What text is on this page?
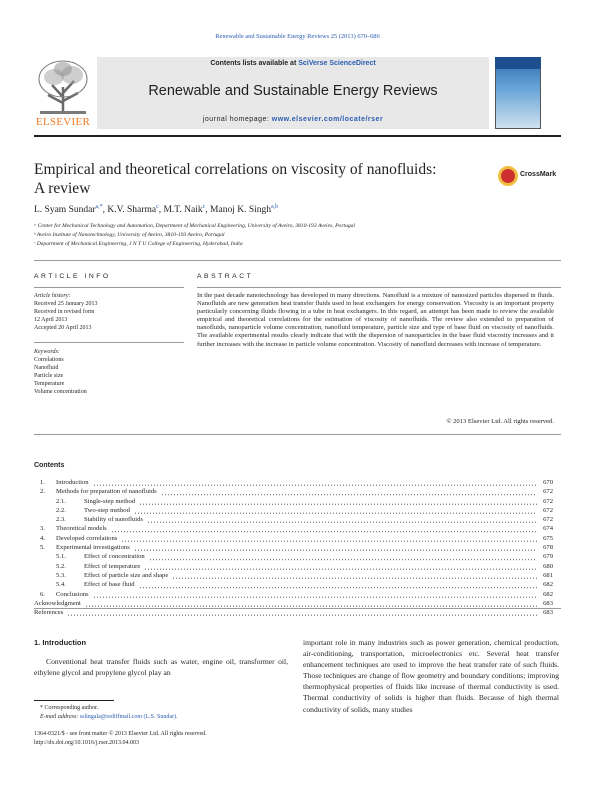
Renewable and Sustainable Energy Reviews 25 (2013) 670–686
ELSEVIER
Contents lists available at SciVerse ScienceDirect
Renewable and Sustainable Energy Reviews
journal homepage: www.elsevier.com/locate/rser
Empirical and theoretical correlations on viscosity of nanofluids:
A review
CrossMark
L. Syam Sundar$^{a,*}$, K.V. Sharma$^c$, M.T. Naik$^c$, Manoj K. Singh$^{a,b}$
ᵃ Center for Mechanical Technology and Automation, Department of Mechanical Engineering, University of Aveiro, 3810-193 Aveiro, Portugal
ᵇ Aveiro Institute of Nanotechnology, University of Aveiro, 3810-193 Aveiro, Portugal
ᶜ Department of Mechanical Engineering, J N T U College of Engineering, Hyderabad, India
ARTICLE INFO	ABSTRACT
Article history:
Received 25 January 2013
Received in revised form
12 April 2013
Accepted 20 April 2013
Keywords:
Correlations
Nanofluid
Particle size
Temperature
Volume concentration
In the past decade nanotechnology has developed in many directions. Nanofluid is a mixture of nanosized particles dispersed in fluids. Nanofluids are new generation heat transfer fluids used in heat exchangers for energy conservation. Viscosity is an important property particularly concerning fluids flowing in a tube in heat exchangers. In this regard, an attempt has been made to review the available empirical and theoretical correlations for the estimation of viscosity of nanofluids. The review also extended to preparation of nanofluids, nanoparticle volume concentration, nanofluid temperature, particle size and type of base fluid on viscosity of nanofluids. The available experimental results clearly indicate that with the dispersion of nanoparticles in the base fluid viscosity increases and it further increases with the increase in particle volume concentration. Viscosity of nanofluid decreases with increase of temperature.
© 2013 Elsevier Ltd. All rights reserved.
Contents
1.	Introduction	670
2.	Methods for preparation of nanofluids	672
2.1.	Single-step method	672
2.2.	Two-step method	672
2.3.	Stability of nanofluids	672
3.	Theoretical models	674
4.	Developed correlations	675
5.	Experimental investigations	678
5.1.	Effect of concentration	679
5.2.	Effect of temperature	680
5.3.	Effect of particle size and shape	681
5.4.	Effect of base fluid	682
6.	Conclusions	682
Acknowledgment	683
References	683
1. Introduction
Conventional heat transfer fluids such as water, engine oil, transformer oil, ethylene glycol and propylene glycol play an
important role in many industries such as power generation, chemical production, air-conditioning, transportation, microelectronics etc. Several heat transfer enhancement techniques are used to improve the heat transfer rate of such fluids. Those techniques are change of flow geometry and boundary conditions; improving thermophysical properties of fluids like increase of thermal conductivity is used. Thermal conductivity of solids is higher than fluids. Because of high thermal conductivity of solids, many studies
* Corresponding author.
E-mail address: sslingala@rediffmail.com (L.S. Sundar).
1364-0321/$ - see front matter © 2013 Elsevier Ltd. All rights reserved.
http://dx.doi.org/10.1016/j.rser.2013.04.003
